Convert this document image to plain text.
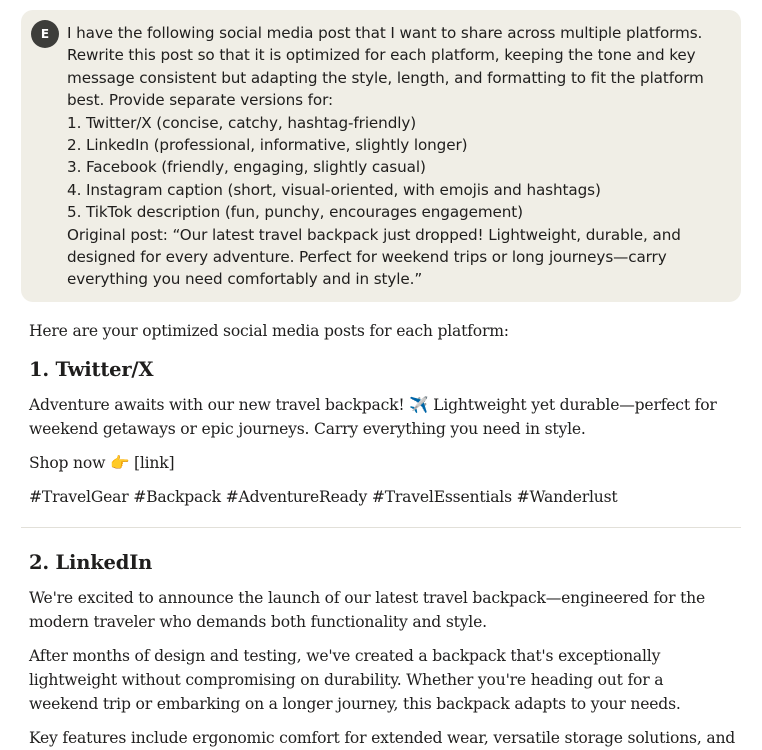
E	I have the following social media post that I want to share across multiple platforms.
Rewrite this post so that it is optimized for each platform, keeping the tone and key
message consistent but adapting the style, length, and formatting to fit the platform
best. Provide separate versions for:
1. Twitter/X (concise, catchy, hashtag-friendly)
2. LinkedIn (professional, informative, slightly longer)
3. Facebook (friendly, engaging, slightly casual)
4. Instagram caption (short, visual-oriented, with emojis and hashtags)
5. TikTok description (fun, punchy, encourages engagement)
Original post: “Our latest travel backpack just dropped! Lightweight, durable, and
designed for every adventure. Perfect for weekend trips or long journeys—carry
everything you need comfortably and in style.”
Here are your optimized social media posts for each platform:
1. Twitter/X
Adventure awaits with our new travel backpack! ✈️ Lightweight yet durable—perfect for
weekend getaways or epic journeys. Carry everything you need in style.
Shop now 👉 [link]
#TravelGear #Backpack #AdventureReady #TravelEssentials #Wanderlust
2. LinkedIn
We're excited to announce the launch of our latest travel backpack—engineered for the
modern traveler who demands both functionality and style.
After months of design and testing, we've created a backpack that's exceptionally
lightweight without compromising on durability. Whether you're heading out for a
weekend trip or embarking on a longer journey, this backpack adapts to your needs.
Key features include ergonomic comfort for extended wear, versatile storage solutions, and
